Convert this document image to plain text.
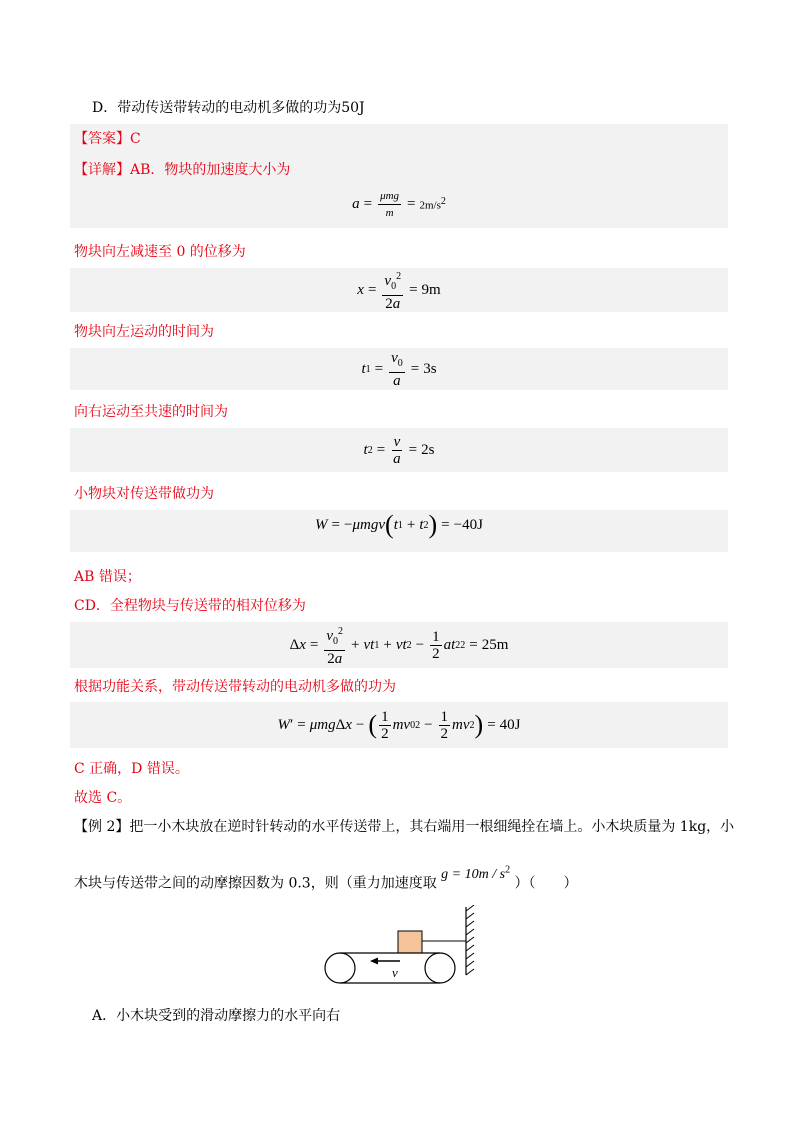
D．带动传送带转动的电动机多做的功为50J
【答案】C
【详解】AB．物块的加速度大小为
$a = \frac{\text{μmg}}{m} = 2m/s^2$
物块向左减速至 0 的位移为
$x = \frac{v_0^2}{2a} = 9m$
物块向左运动的时间为
t $1 = \frac{v_0}{a} = 3s$
向右运动至共速的时间为
t $2 = \frac{v}{a} = 2s$
小物块对传送带做功为
W = − μmgv ( t 1 + t 2 ) = −40J
AB 错误；
CD．全程物块与传送带的相对位移为
Δ $x = \frac{v_0^2}{2a}$ + vt 1 + vt $2 - \frac{1}{2}$ at 2 2 = 25m
根据功能关系，带动传送带转动的电动机多做的功为
W ′ = μmg Δ x − ( $\frac{1}{2}$ mv 0 $2 - \frac{1}{2}$ mv 2 ) = 40J
C 正确，D 错误。
故选 C。
【例 2】把一小木块放在逆时针转动的水平传送带上，其右端用一根细绳拴在墙上。小木块质量为 1kg，小
木块与传送带之间的动摩擦因数为 0.3，则（重力加速度取 $g = 10m / s^2$ ）（　　）
v
A．小木块受到的滑动摩擦力的水平向右
